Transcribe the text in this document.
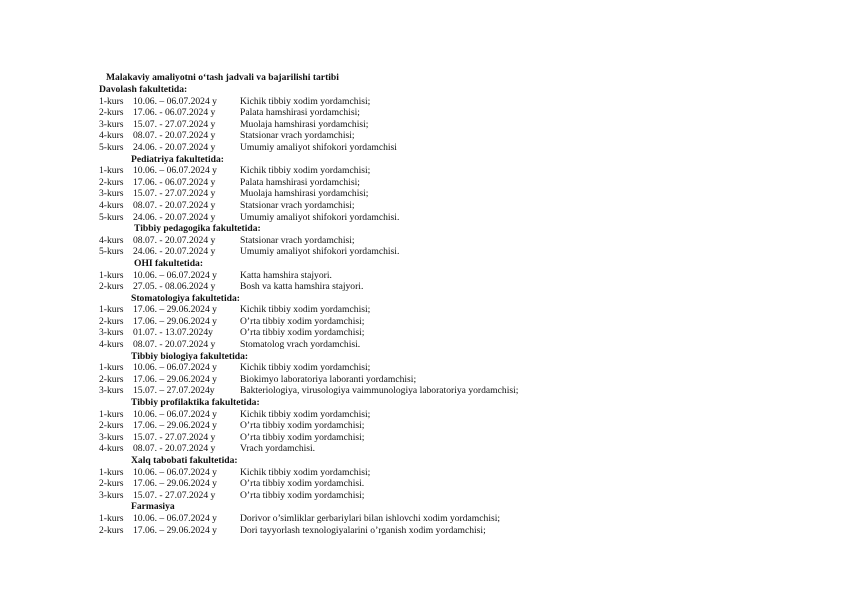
Malakaviy amaliyotni o‘tash jadvali va bajarilishi tartibi
Davolash fakultetida:
1-kurs 10.06. – 06.07.2024 y Kichik tibbiy xodim yordamchisi;
2-kurs 17.06. - 06.07.2024 y	Palata hamshirasi yordamchisi;
3-kurs 15.07. - 27.07.2024 y	Muolaja hamshirasi yordamchisi;
4-kurs 08.07. - 20.07.2024 y	Statsionar vrach yordamchisi;
5-kurs 24.06. - 20.07.2024 y	Umumiy amaliyot shifokori yordamchisi
Pediatriya fakultetida:
1-kurs 10.06. – 06.07.2024 y Kichik tibbiy xodim yordamchisi;
2-kurs 17.06. - 06.07.2024 y	Palata hamshirasi yordamchisi;
3-kurs 15.07. - 27.07.2024 y	Muolaja hamshirasi yordamchisi;
4-kurs 08.07. - 20.07.2024 y	Statsionar vrach yordamchisi;
5-kurs 24.06. - 20.07.2024 y	Umumiy amaliyot shifokori yordamchisi.
Tibbiy pedagogika fakultetida:
4-kurs 08.07. - 20.07.2024 y	Statsionar vrach yordamchisi;
5-kurs 24.06. - 20.07.2024 y	Umumiy amaliyot shifokori yordamchisi.
OHI fakultetida:
1-kurs 10.06. – 06.07.2024 y Katta hamshira stajyori.
2-kurs 27.05. - 08.06.2024 y	Bosh va katta hamshira stajyori.
Stomatologiya fakultetida:
1-kurs 17.06. – 29.06.2024 y Kichik tibbiy xodim yordamchisi;
2-kurs 17.06. – 29.06.2024 y O’rta tibbiy xodim yordamchisi;
3-kurs 01.07. - 13.07.2024y	O’rta tibbiy xodim yordamchisi;
4-kurs 08.07. - 20.07.2024 y	Stomatolog vrach yordamchisi.
Tibbiy biologiya fakultetida:
1-kurs 10.06. – 06.07.2024 y Kichik tibbiy xodim yordamchisi;
2-kurs 17.06. – 29.06.2024 y Biokimyo laboratoriya laboranti yordamchisi;
3-kurs 15.07. – 27.07.2024y	Bakteriologiya, virusologiya vaimmunologiya laboratoriya yordamchisi;
Tibbiy profilaktika fakultetida:
1-kurs 10.06. – 06.07.2024 y Kichik tibbiy xodim yordamchisi;
2-kurs 17.06. – 29.06.2024 y O’rta tibbiy xodim yordamchisi;
3-kurs 15.07. - 27.07.2024 y	O’rta tibbiy xodim yordamchisi;
4-kurs 08.07. - 20.07.2024 y	Vrach yordamchisi.
Xalq tabobati fakultetida:
1-kurs 10.06. – 06.07.2024 y Kichik tibbiy xodim yordamchisi;
2-kurs 17.06. – 29.06.2024 y O’rta tibbiy xodim yordamchisi.
3-kurs 15.07. - 27.07.2024 y	O’rta tibbiy xodim yordamchisi;
Farmasiya
1-kurs 10.06. – 06.07.2024 y Dorivor o’simliklar gerbariylari bilan ishlovchi xodim yordamchisi;
2-kurs 17.06. – 29.06.2024 y Dori tayyorlash texnologiyalarini o’rganish xodim yordamchisi;
